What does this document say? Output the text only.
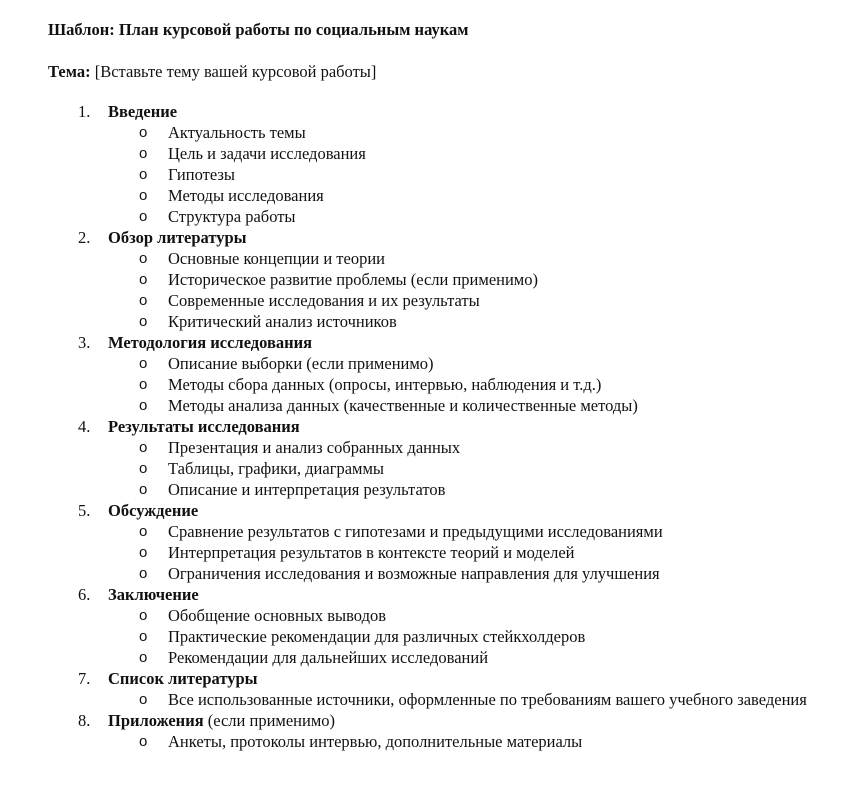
Шаблон: План курсовой работы по социальным наукам

Тема: [Вставьте тему вашей курсовой работы]
1. Введение
o Актуальность темы
o Цель и задачи исследования
o Гипотезы
o Методы исследования
o Структура работы
2. Обзор литературы
o Основные концепции и теории
o Историческое развитие проблемы (если применимо)
o Современные исследования и их результаты
o Критический анализ источников
3. Методология исследования
o Описание выборки (если применимо)
o Методы сбора данных (опросы, интервью, наблюдения и т.д.)
o Методы анализа данных (качественные и количественные методы)
4. Результаты исследования
o Презентация и анализ собранных данных
o Таблицы, графики, диаграммы
o Описание и интерпретация результатов
5. Обсуждение
o Сравнение результатов с гипотезами и предыдущими исследованиями
o Интерпретация результатов в контексте теорий и моделей
o Ограничения исследования и возможные направления для улучшения
6. Заключение
o Обобщение основных выводов
o Практические рекомендации для различных стейкхолдеров
o Рекомендации для дальнейших исследований
7. Список литературы
o Все использованные источники, оформленные по требованиям вашего учебного заведения
8. Приложения (если применимо)
o Анкеты, протоколы интервью, дополнительные материалы
